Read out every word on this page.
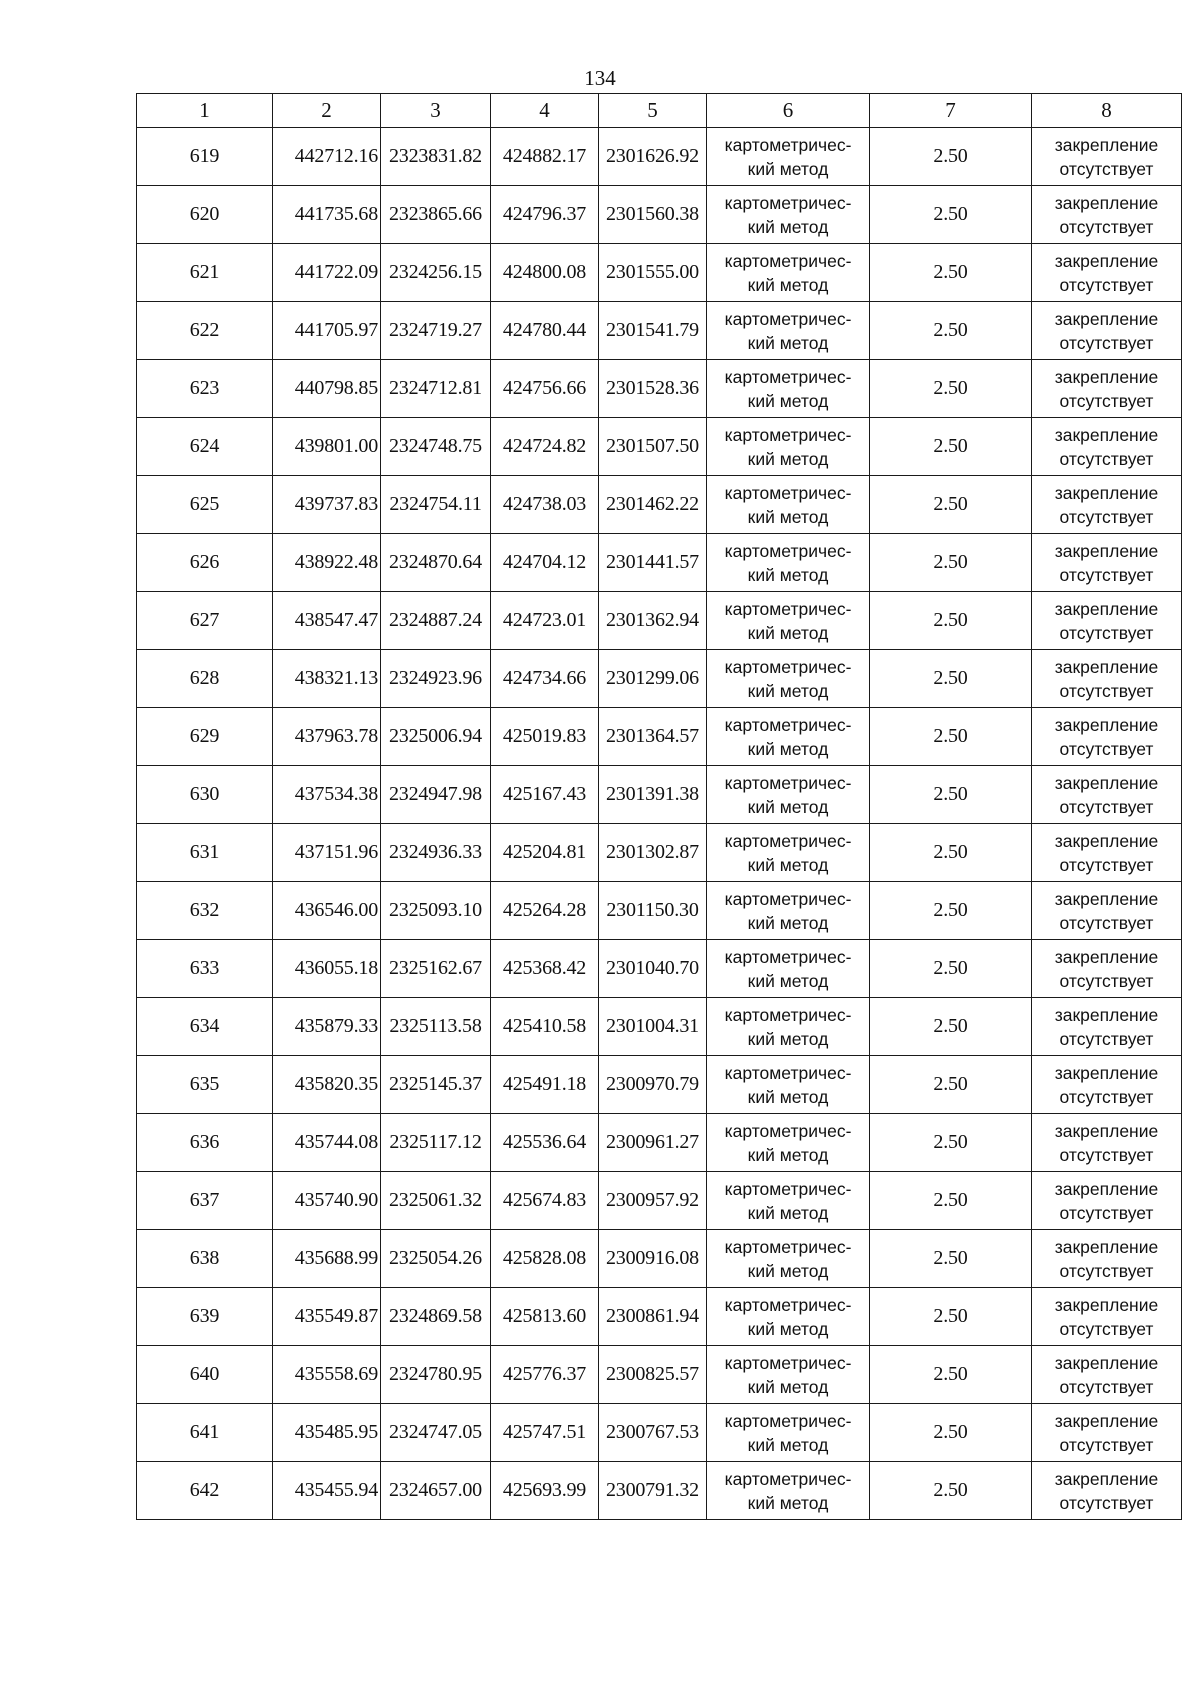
134
1	2	3	4	5	6	7	8
619	442712.16	2323831.82	424882.17	2301626.92	картометричес-
кий метод	2.50	закрепление
отсутствует

620	441735.68	2323865.66	424796.37	2301560.38	картометричес-
кий метод	2.50	закрепление
отсутствует

621	441722.09	2324256.15	424800.08	2301555.00	картометричес-
кий метод	2.50	закрепление
отсутствует

622	441705.97	2324719.27	424780.44	2301541.79	картометричес-
кий метод	2.50	закрепление
отсутствует

623	440798.85	2324712.81	424756.66	2301528.36	картометричес-
кий метод	2.50	закрепление
отсутствует

624	439801.00	2324748.75	424724.82	2301507.50	картометричес-
кий метод	2.50	закрепление
отсутствует

625	439737.83	2324754.11	424738.03	2301462.22	картометричес-
кий метод	2.50	закрепление
отсутствует

626	438922.48	2324870.64	424704.12	2301441.57	картометричес-
кий метод	2.50	закрепление
отсутствует

627	438547.47	2324887.24	424723.01	2301362.94	картометричес-
кий метод	2.50	закрепление
отсутствует

628	438321.13	2324923.96	424734.66	2301299.06	картометричес-
кий метод	2.50	закрепление
отсутствует

629	437963.78	2325006.94	425019.83	2301364.57	картометричес-
кий метод	2.50	закрепление
отсутствует

630	437534.38	2324947.98	425167.43	2301391.38	картометричес-
кий метод	2.50	закрепление
отсутствует

631	437151.96	2324936.33	425204.81	2301302.87	картометричес-
кий метод	2.50	закрепление
отсутствует

632	436546.00	2325093.10	425264.28	2301150.30	картометричес-
кий метод	2.50	закрепление
отсутствует

633	436055.18	2325162.67	425368.42	2301040.70	картометричес-
кий метод	2.50	закрепление
отсутствует

634	435879.33	2325113.58	425410.58	2301004.31	картометричес-
кий метод	2.50	закрепление
отсутствует

635	435820.35	2325145.37	425491.18	2300970.79	картометричес-
кий метод	2.50	закрепление
отсутствует

636	435744.08	2325117.12	425536.64	2300961.27	картометричес-
кий метод	2.50	закрепление
отсутствует

637	435740.90	2325061.32	425674.83	2300957.92	картометричес-
кий метод	2.50	закрепление
отсутствует

638	435688.99	2325054.26	425828.08	2300916.08	картометричес-
кий метод	2.50	закрепление
отсутствует

639	435549.87	2324869.58	425813.60	2300861.94	картометричес-
кий метод	2.50	закрепление
отсутствует

640	435558.69	2324780.95	425776.37	2300825.57	картометричес-
кий метод	2.50	закрепление
отсутствует

641	435485.95	2324747.05	425747.51	2300767.53	картометричес-
кий метод	2.50	закрепление
отсутствует

642	435455.94	2324657.00	425693.99	2300791.32	картометричес-
кий метод	2.50	закрепление
отсутствует
